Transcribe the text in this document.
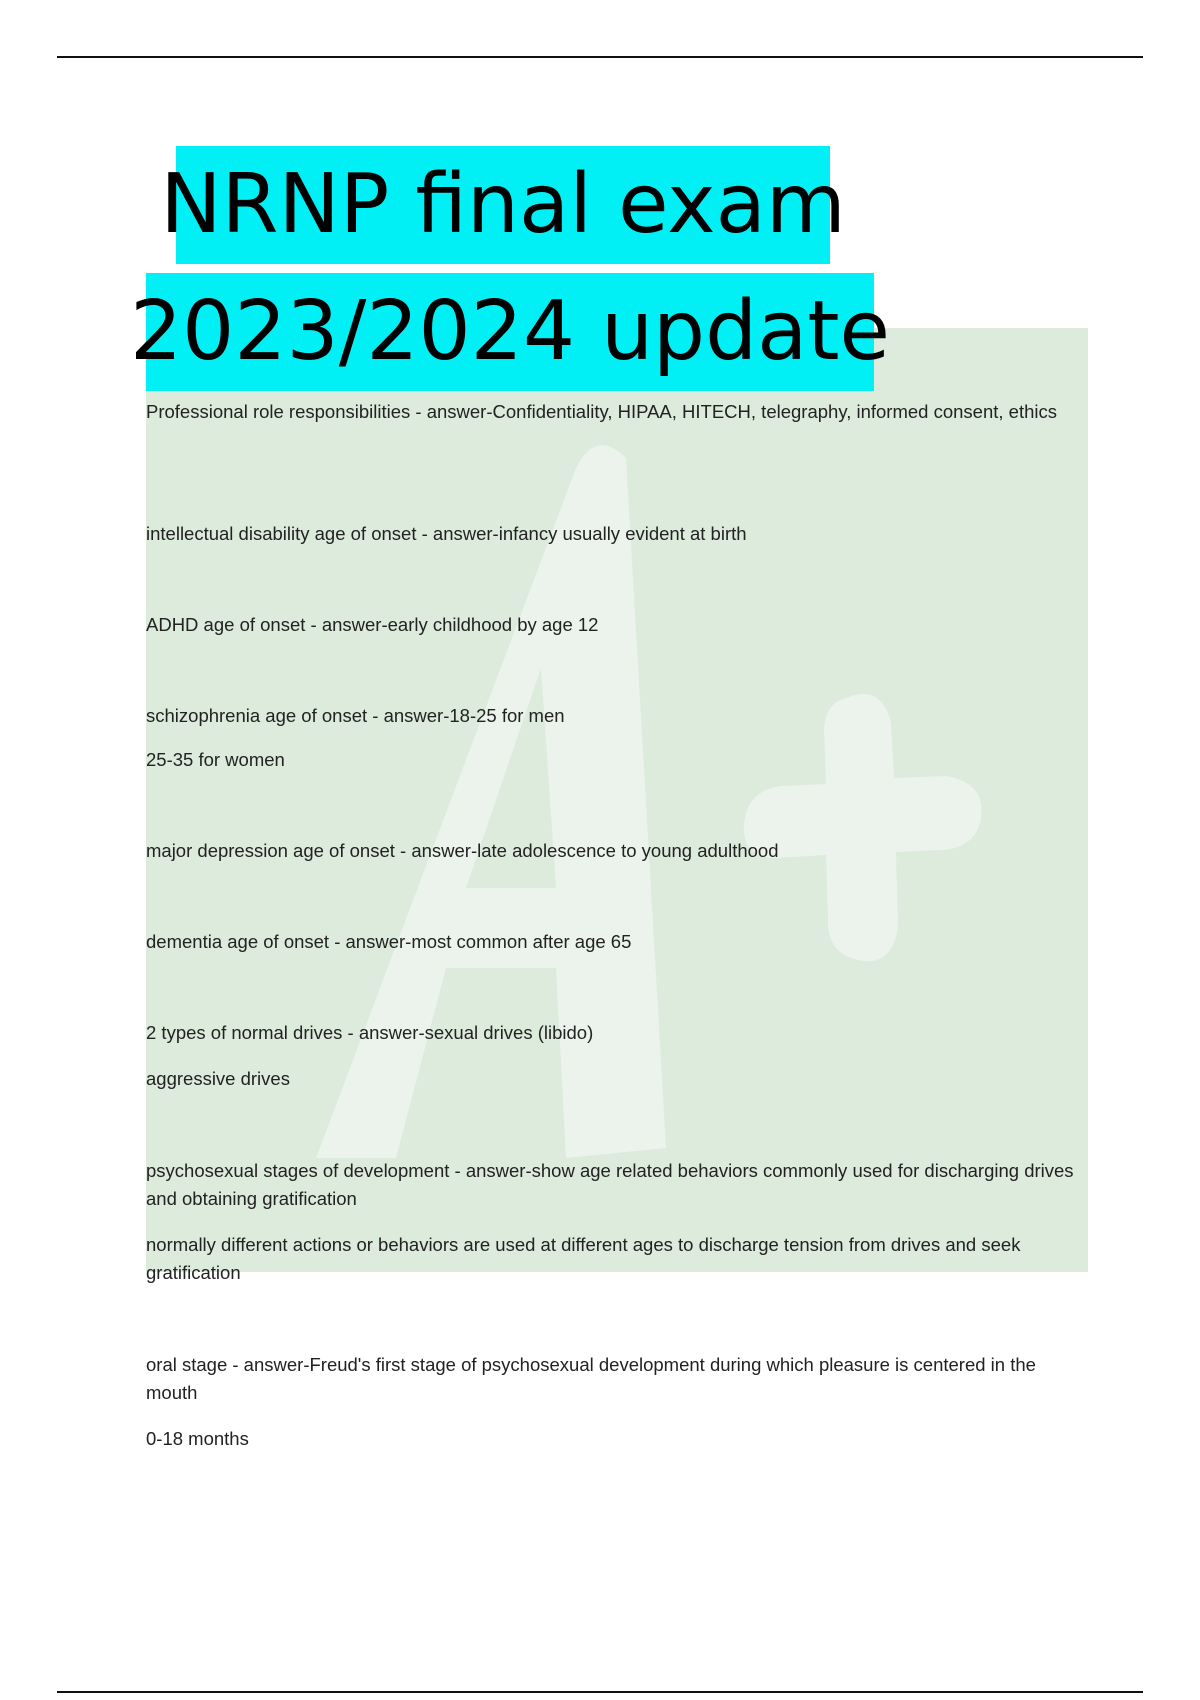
NRNP final exam
2023/2024 update

Professional role responsibilities - answer-Confidentiality, HIPAA, HITECH, telegraphy, informed consent, ethics

intellectual disability age of onset - answer-infancy usually evident at birth

ADHD age of onset - answer-early childhood by age 12

schizophrenia age of onset - answer-18-25 for men

25-35 for women

major depression age of onset - answer-late adolescence to young adulthood

dementia age of onset - answer-most common after age 65

2 types of normal drives - answer-sexual drives (libido)

aggressive drives

psychosexual stages of development - answer-show age related behaviors commonly used for discharging drives and obtaining gratification

normally different actions or behaviors are used at different ages to discharge tension from drives and seek gratification

oral stage - answer-Freud's first stage of psychosexual development during which pleasure is centered in the mouth

0-18 months
